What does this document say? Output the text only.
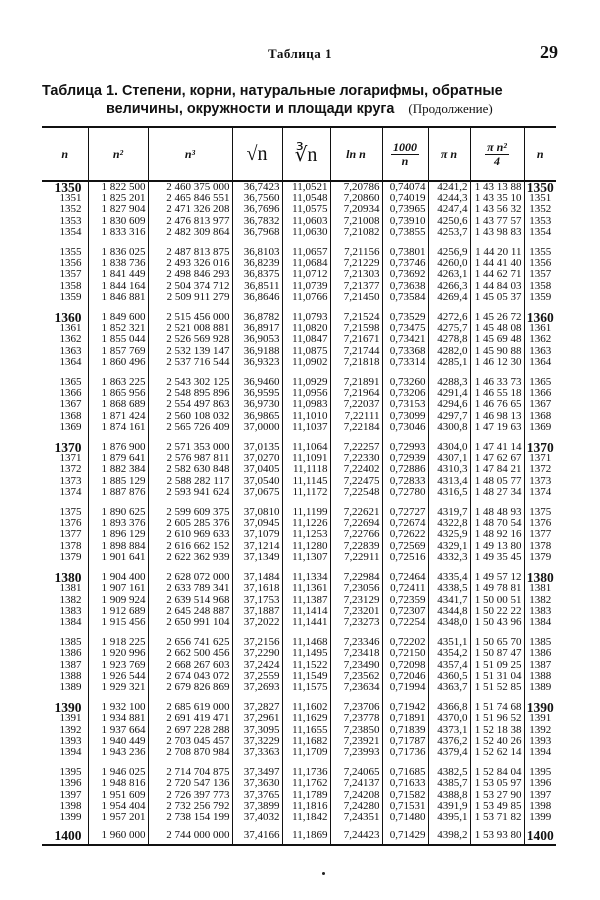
Таблица 1	29
Таблица 1. Степени, корни, натуральные логарифмы, обратные
величины, окружности и площади круга (Продолжение)
n	n²	n³	√n	∛n	ln n	$\frac{1000}{n}$	π n	$\frac{\text{π n²}}{4}$	n
1350	1 822 500	2 460 375 000	36,7423	11,0521	7,20786	0,74074	4241,2	1 43 13 88	1350
1351	1 825 201	2 465 846 551	36,7560	11,0548	7,20860	0,74019	4244,3	1 43 35 10	1351
1352	1 827 904	2 471 326 208	36,7696	11,0575	7,20934	0,73965	4247,4	1 43 56 32	1352
1353	1 830 609	2 476 813 977	36,7832	11,0603	7,21008	0,73910	4250,6	1 43 77 57	1353
1354	1 833 316	2 482 309 864	36,7968	11,0630	7,21082	0,73855	4253,7	1 43 98 83	1354
1355	1 836 025	2 487 813 875	36,8103	11,0657	7,21156	0,73801	4256,9	1 44 20 11	1355
1356	1 838 736	2 493 326 016	36,8239	11,0684	7,21229	0,73746	4260,0	1 44 41 40	1356
1357	1 841 449	2 498 846 293	36,8375	11,0712	7,21303	0,73692	4263,1	1 44 62 71	1357
1358	1 844 164	2 504 374 712	36,8511	11,0739	7,21377	0,73638	4266,3	1 44 84 03	1358
1359	1 846 881	2 509 911 279	36,8646	11,0766	7,21450	0,73584	4269,4	1 45 05 37	1359
1360	1 849 600	2 515 456 000	36,8782	11,0793	7,21524	0,73529	4272,6	1 45 26 72	1360
1361	1 852 321	2 521 008 881	36,8917	11,0820	7,21598	0,73475	4275,7	1 45 48 08	1361
1362	1 855 044	2 526 569 928	36,9053	11,0847	7,21671	0,73421	4278,8	1 45 69 48	1362
1363	1 857 769	2 532 139 147	36,9188	11,0875	7,21744	0,73368	4282,0	1 45 90 88	1363
1364	1 860 496	2 537 716 544	36,9323	11,0902	7,21818	0,73314	4285,1	1 46 12 30	1364
1365	1 863 225	2 543 302 125	36,9460	11,0929	7,21891	0,73260	4288,3	1 46 33 73	1365
1366	1 865 956	2 548 895 896	36,9595	11,0956	7,21964	0,73206	4291,4	1 46 55 18	1366
1367	1 868 689	2 554 497 863	36,9730	11,0983	7,22037	0,73153	4294,6	1 46 76 65	1367
1368	1 871 424	2 560 108 032	36,9865	11,1010	7,22111	0,73099	4297,7	1 46 98 13	1368
1369	1 874 161	2 565 726 409	37,0000	11,1037	7,22184	0,73046	4300,8	1 47 19 63	1369
1370	1 876 900	2 571 353 000	37,0135	11,1064	7,22257	0,72993	4304,0	1 47 41 14	1370
1371	1 879 641	2 576 987 811	37,0270	11,1091	7,22330	0,72939	4307,1	1 47 62 67	1371
1372	1 882 384	2 582 630 848	37,0405	11,1118	7,22402	0,72886	4310,3	1 47 84 21	1372
1373	1 885 129	2 588 282 117	37,0540	11,1145	7,22475	0,72833	4313,4	1 48 05 77	1373
1374	1 887 876	2 593 941 624	37,0675	11,1172	7,22548	0,72780	4316,5	1 48 27 34	1374
1375	1 890 625	2 599 609 375	37,0810	11,1199	7,22621	0,72727	4319,7	1 48 48 93	1375
1376	1 893 376	2 605 285 376	37,0945	11,1226	7,22694	0,72674	4322,8	1 48 70 54	1376
1377	1 896 129	2 610 969 633	37,1079	11,1253	7,22766	0,72622	4325,9	1 48 92 16	1377
1378	1 898 884	2 616 662 152	37,1214	11,1280	7,22839	0,72569	4329,1	1 49 13 80	1378
1379	1 901 641	2 622 362 939	37,1349	11,1307	7,22911	0,72516	4332,3	1 49 35 45	1379
1380	1 904 400	2 628 072 000	37,1484	11,1334	7,22984	0,72464	4335,4	1 49 57 12	1380
1381	1 907 161	2 633 789 341	37,1618	11,1361	7,23056	0,72411	4338,5	1 49 78 81	1381
1382	1 909 924	2 639 514 968	37,1753	11,1387	7,23129	0,72359	4341,7	1 50 00 51	1382
1383	1 912 689	2 645 248 887	37,1887	11,1414	7,23201	0,72307	4344,8	1 50 22 22	1383
1384	1 915 456	2 650 991 104	37,2022	11,1441	7,23273	0,72254	4348,0	1 50 43 96	1384
1385	1 918 225	2 656 741 625	37,2156	11,1468	7,23346	0,72202	4351,1	1 50 65 70	1385
1386	1 920 996	2 662 500 456	37,2290	11,1495	7,23418	0,72150	4354,2	1 50 87 47	1386
1387	1 923 769	2 668 267 603	37,2424	11,1522	7,23490	0,72098	4357,4	1 51 09 25	1387
1388	1 926 544	2 674 043 072	37,2559	11,1549	7,23562	0,72046	4360,5	1 51 31 04	1388
1389	1 929 321	2 679 826 869	37,2693	11,1575	7,23634	0,71994	4363,7	1 51 52 85	1389
1390	1 932 100	2 685 619 000	37,2827	11,1602	7,23706	0,71942	4366,8	1 51 74 68	1390
1391	1 934 881	2 691 419 471	37,2961	11,1629	7,23778	0,71891	4370,0	1 51 96 52	1391
1392	1 937 664	2 697 228 288	37,3095	11,1655	7,23850	0,71839	4373,1	1 52 18 38	1392
1393	1 940 449	2 703 045 457	37,3229	11,1682	7,23921	0,71787	4376,2	1 52 40 26	1393
1394	1 943 236	2 708 870 984	37,3363	11,1709	7,23993	0,71736	4379,4	1 52 62 14	1394
1395	1 946 025	2 714 704 875	37,3497	11,1736	7,24065	0,71685	4382,5	1 52 84 04	1395
1396	1 948 816	2 720 547 136	37,3630	11,1762	7,24137	0,71633	4385,7	1 53 05 97	1396
1397	1 951 609	2 726 397 773	37,3765	11,1789	7,24208	0,71582	4388,8	1 53 27 90	1397
1398	1 954 404	2 732 256 792	37,3899	11,1816	7,24280	0,71531	4391,9	1 53 49 85	1398
1399	1 957 201	2 738 154 199	37,4032	11,1842	7,24351	0,71480	4395,1	1 53 71 82	1399
1400	1 960 000	2 744 000 000	37,4166	11,1869	7,24423	0,71429	4398,2	1 53 93 80	1400
